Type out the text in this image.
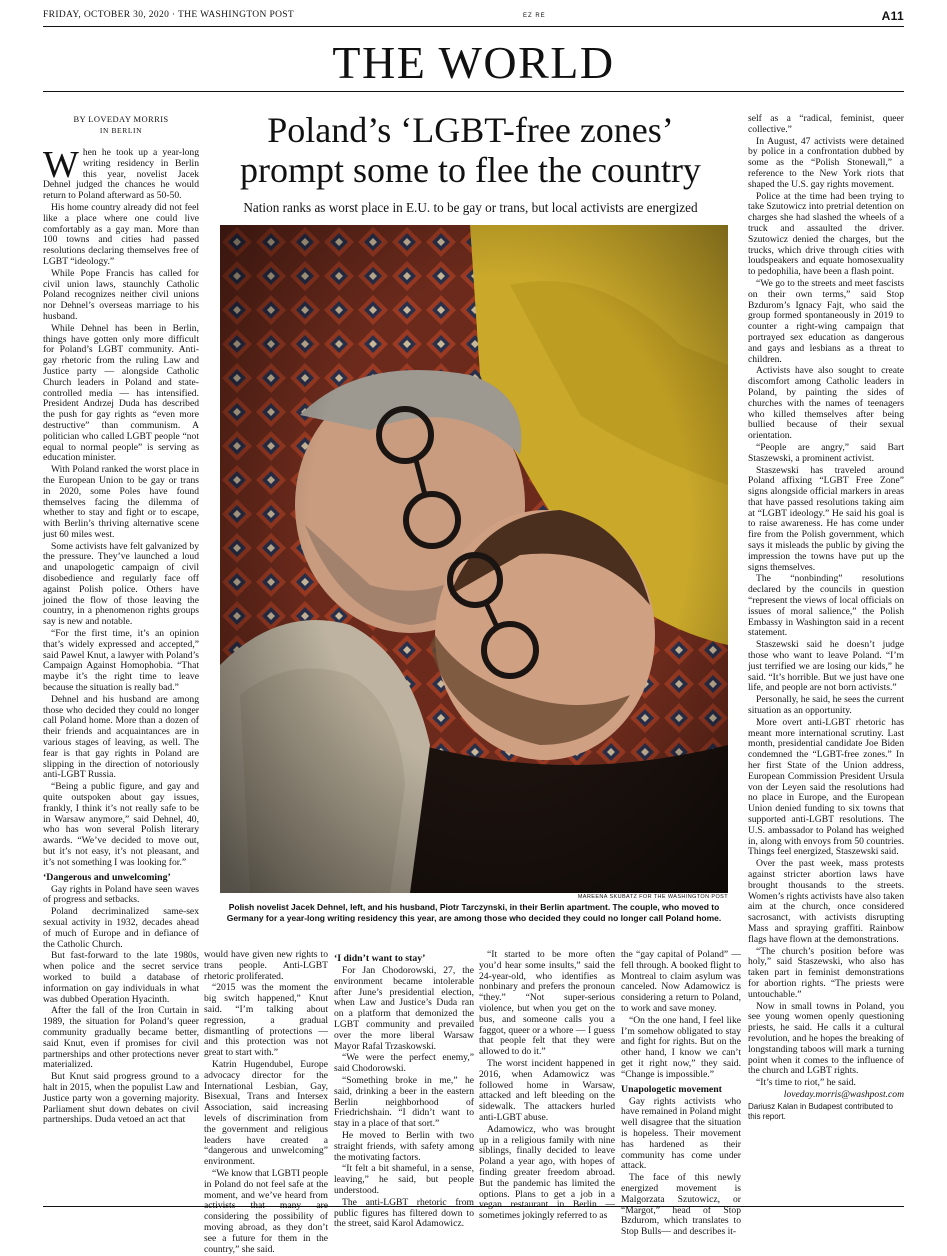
FRIDAY, OCTOBER 30, 2020 · THE WASHINGTON POST	EZ RE	A11
THE WORLD
Poland’s ‘LGBT-free zones’ prompt some to flee the country
Nation ranks as worst place in E.U. to be gay or trans, but local activists are energized
BY LOVEDAY MORRIS
IN BERLIN

When he took up a year-long writing residency in Berlin this year, novelist Jacek Dehnel judged the chances he would return to Poland afterward as 50-50.

His home country already did not feel like a place where one could live comfortably as a gay man. More than 100 towns and cities had passed resolutions declaring themselves free of LGBT “ideology.”

While Pope Francis has called for civil union laws, staunchly Catholic Poland recognizes neither civil unions nor Dehnel’s overseas marriage to his husband.

While Dehnel has been in Berlin, things have gotten only more difficult for Poland’s LGBT community. Anti-gay rhetoric from the ruling Law and Justice party — alongside Catholic Church leaders in Poland and state-controlled media — has intensified. President Andrzej Duda has described the push for gay rights as “even more destructive” than communism. A politician who called LGBT people “not equal to normal people” is serving as education minister.

With Poland ranked the worst place in the European Union to be gay or trans in 2020, some Poles have found themselves facing the dilemma of whether to stay and fight or to escape, with Berlin’s thriving alternative scene just 60 miles west.

Some activists have felt galvanized by the pressure. They’ve launched a loud and unapologetic campaign of civil disobedience and regularly face off against Polish police. Others have joined the flow of those leaving the country, in a phenomenon rights groups say is new and notable.

“For the first time, it’s an opinion that’s widely expressed and accepted,” said Pawel Knut, a lawyer with Poland’s Campaign Against Homophobia. “That maybe it’s the right time to leave because the situation is really bad.”

Dehnel and his husband are among those who decided they could no longer call Poland home. More than a dozen of their friends and acquaintances are in various stages of leaving, as well. The fear is that gay rights in Poland are slipping in the direction of notoriously anti-LGBT Russia.

“Being a public figure, and gay and quite outspoken about gay issues, frankly, I think it’s not really safe to be in Warsaw anymore,” said Dehnel, 40, who has won several Polish literary awards. “We’ve decided to move out, but it’s not easy, it’s not pleasant, and it’s not something I was looking for.”

‘Dangerous and unwelcoming’

Gay rights in Poland have seen waves of progress and setbacks.

Poland decriminalized same-sex sexual activity in 1932, decades ahead of much of Europe and in defiance of the Catholic Church.

But fast-forward to the late 1980s, when police and the secret service worked to build a database of information on gay individuals in what was dubbed Operation Hyacinth.

After the fall of the Iron Curtain in 1989, the situation for Poland’s queer community gradually became better, said Knut, even if promises for civil partnerships and other protections never materialized.

But Knut said progress ground to a halt in 2015, when the populist Law and Justice party won a governing majority. Parliament shut down debates on civil partnerships. Duda vetoed an act that

MAREENA SKUBATZ FOR THE WASHINGTON POST
Polish novelist Jacek Dehnel, left, and his husband, Piotr Tarczynski, in their Berlin apartment. The couple, who moved to Germany for a year-long writing residency this year, are among those who decided they could no longer call Poland home.

would have given new rights to trans people. Anti-LGBT rhetoric proliferated.

“2015 was the moment the big switch happened,” Knut said. “I’m talking about regression, a gradual dismantling of protections — and this protection was not great to start with.”

Katrin Hugendubel, Europe advocacy director for the International Lesbian, Gay, Bisexual, Trans and Intersex Association, said increasing levels of discrimination from the government and religious leaders have created a “dangerous and unwelcoming” environment.

“We know that LGBTI people in Poland do not feel safe at the moment, and we’ve heard from activists that many are considering the possibility of moving abroad, as they don’t see a future for them in the country,” she said.

‘I didn’t want to stay’

For Jan Chodorowski, 27, the environment became intolerable after June’s presidential election, when Law and Justice’s Duda ran on a platform that demonized the LGBT community and prevailed over the more liberal Warsaw Mayor Rafal Trzaskowski.

“We were the perfect enemy,” said Chodorowski.

“Something broke in me,” he said, drinking a beer in the eastern Berlin neighborhood of Friedrichshain. “I didn’t want to stay in a place of that sort.”

He moved to Berlin with two straight friends, with safety among the motivating factors.

“It felt a bit shameful, in a sense, leaving,” he said, but people understood.

The anti-LGBT rhetoric from public figures has filtered down to the street, said Karol Adamowicz.

“It started to be more often you’d hear some insults,” said the 24-year-old, who identifies as nonbinary and prefers the pronoun “they.” “Not super-serious violence, but when you get on the bus, and someone calls you a faggot, queer or a whore — I guess that people felt that they were allowed to do it.”

The worst incident happened in 2016, when Adamowicz was followed home in Warsaw, attacked and left bleeding on the sidewalk. The attackers hurled anti-LGBT abuse.

Adamowicz, who was brought up in a religious family with nine siblings, finally decided to leave Poland a year ago, with hopes of finding greater freedom abroad. But the pandemic has limited the options. Plans to get a job in a vegan restaurant in Berlin — sometimes jokingly referred to as

the “gay capital of Poland” — fell through. A booked flight to Montreal to claim asylum was canceled. Now Adamowicz is considering a return to Poland, to work and save money.

“On the one hand, I feel like I’m somehow obligated to stay and fight for rights. But on the other hand, I know we can’t get it right now,” they said. “Change is impossible.”

Unapologetic movement

Gay rights activists who have remained in Poland might well disagree that the situation is hopeless. Their movement has hardened as their community has come under attack.

The face of this newly energized movement is Malgorzata Szutowicz, or “Margot,” head of Stop Bzdurom, which translates to Stop Bulls— and describes it-

self as a “radical, feminist, queer collective.”

In August, 47 activists were detained by police in a confrontation dubbed by some as the “Polish Stonewall,” a reference to the New York riots that shaped the U.S. gay rights movement.

Police at the time had been trying to take Szutowicz into pretrial detention on charges she had slashed the wheels of a truck and assaulted the driver. Szutowicz denied the charges, but the trucks, which drive through cities with loudspeakers and equate homosexuality to pedophilia, have been a flash point.

“We go to the streets and meet fascists on their own terms,” said Stop Bzdurom’s Ignacy Fajt, who said the group formed spontaneously in 2019 to counter a right-wing campaign that portrayed sex education as dangerous and gays and lesbians as a threat to children.

Activists have also sought to create discomfort among Catholic leaders in Poland, by painting the sides of churches with the names of teenagers who killed themselves after being bullied because of their sexual orientation.

“People are angry,” said Bart Staszewski, a prominent activist.

Staszewski has traveled around Poland affixing “LGBT Free Zone” signs alongside official markers in areas that have passed resolutions taking aim at “LGBT ideology.” He said his goal is to raise awareness. He has come under fire from the Polish government, which says it misleads the public by giving the impression the towns have put up the signs themselves.

The “nonbinding” resolutions declared by the councils in question “represent the views of local officials on issues of moral salience,” the Polish Embassy in Washington said in a recent statement.

Staszewski said he doesn’t judge those who want to leave Poland. “I’m just terrified we are losing our kids,” he said. “It’s horrible. But we just have one life, and people are not born activists.”

Personally, he said, he sees the current situation as an opportunity.

More overt anti-LGBT rhetoric has meant more international scrutiny. Last month, presidential candidate Joe Biden condemned the “LGBT-free zones.” In her first State of the Union address, European Commission President Ursula von der Leyen said the resolutions had no place in Europe, and the European Union denied funding to six towns that supported anti-LGBT resolutions. The U.S. ambassador to Poland has weighed in, along with envoys from 50 countries. Things feel energized, Staszewski said.

Over the past week, mass protests against stricter abortion laws have brought thousands to the streets. Women’s rights activists have also taken aim at the church, once considered sacrosanct, with activists disrupting Mass and spraying graffiti. Rainbow flags have flown at the demonstrations.

“The church’s position before was holy,” said Staszewski, who also has taken part in feminist demonstrations for abortion rights. “The priests were untouchable.”

Now in small towns in Poland, you see young women openly questioning priests, he said. He calls it a cultural revolution, and he hopes the breaking of longstanding taboos will mark a turning point when it comes to the influence of the church and LGBT rights.

“It’s time to riot,” he said.

loveday.morris@washpost.com

Dariusz Kalan in Budapest contributed to this report.
